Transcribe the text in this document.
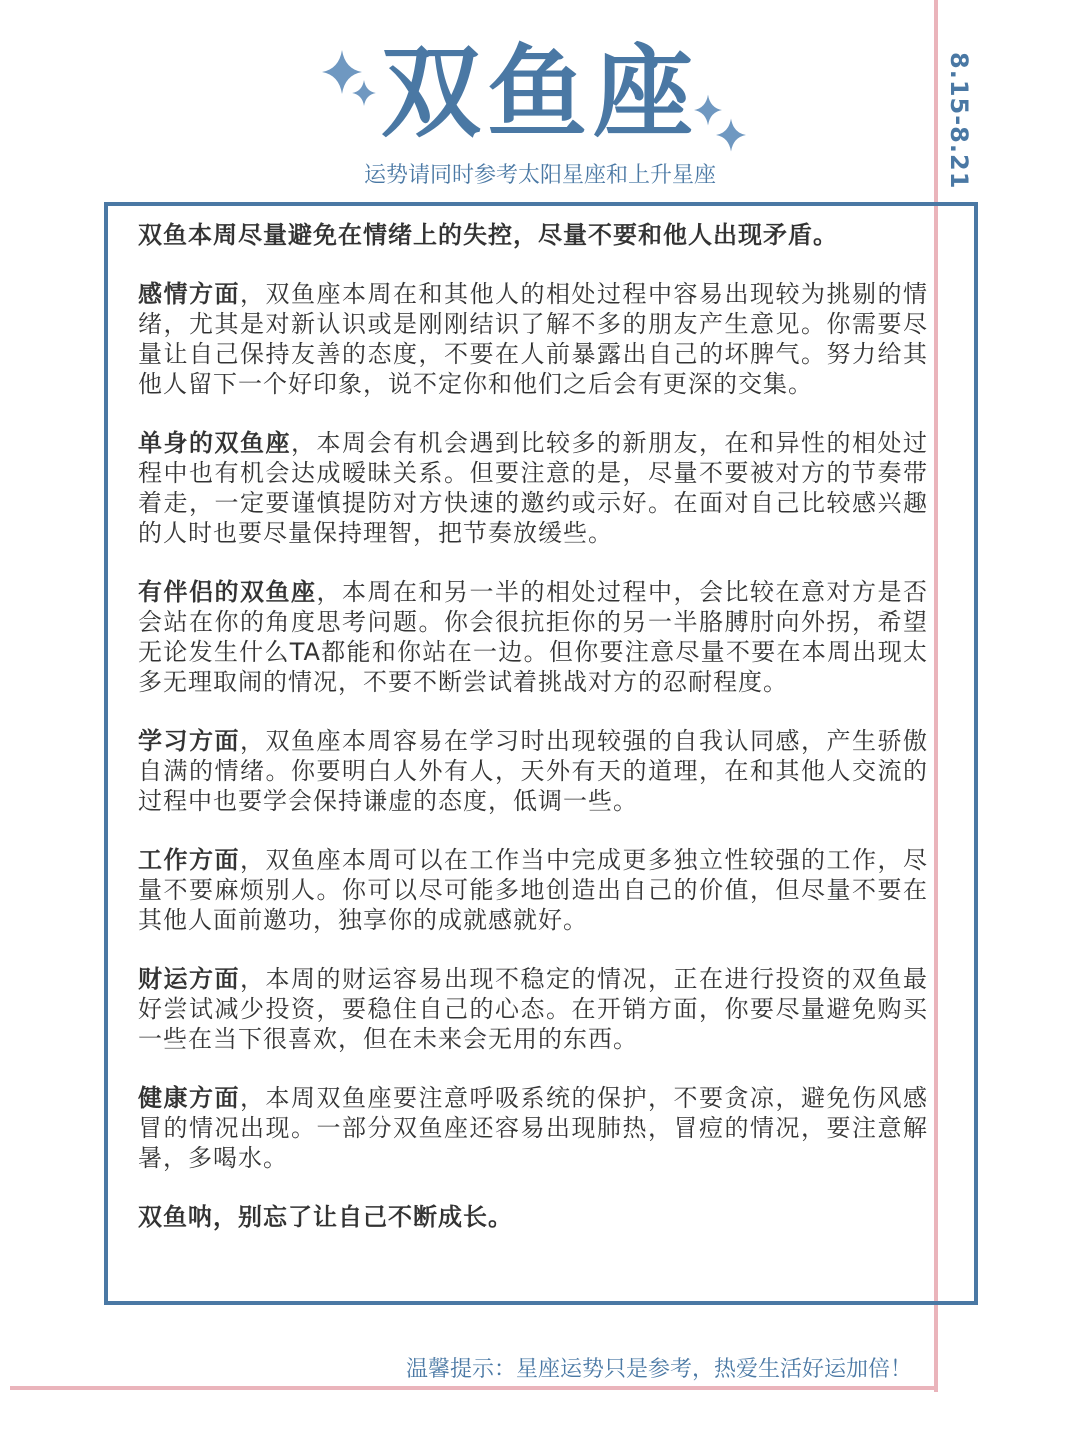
双鱼座
运势请同时参考太阳星座和上升星座	8.15-8.21

双鱼本周尽量避免在情绪上的失控，尽量不要和他人出现矛盾。

感情方面，双鱼座本周在和其他人的相处过程中容易出现较为挑剔的情绪，尤其是对新认识或是刚刚结识了解不多的朋友产生意见。你需要尽量让自己保持友善的态度，不要在人前暴露出自己的坏脾气。努力给其他人留下一个好印象，说不定你和他们之后会有更深的交集。

单身的双鱼座，本周会有机会遇到比较多的新朋友，在和异性的相处过程中也有机会达成暧昧关系。但要注意的是，尽量不要被对方的节奏带着走，一定要谨慎提防对方快速的邀约或示好。在面对自己比较感兴趣的人时也要尽量保持理智，把节奏放缓些。

有伴侣的双鱼座，本周在和另一半的相处过程中，会比较在意对方是否会站在你的角度思考问题。你会很抗拒你的另一半胳膊肘向外拐，希望无论发生什么TA都能和你站在一边。但你要注意尽量不要在本周出现太多无理取闹的情况，不要不断尝试着挑战对方的忍耐程度。

学习方面，双鱼座本周容易在学习时出现较强的自我认同感，产生骄傲自满的情绪。你要明白人外有人，天外有天的道理，在和其他人交流的过程中也要学会保持谦虚的态度，低调一些。

工作方面，双鱼座本周可以在工作当中完成更多独立性较强的工作，尽量不要麻烦别人。你可以尽可能多地创造出自己的价值，但尽量不要在其他人面前邀功，独享你的成就感就好。

财运方面，本周的财运容易出现不稳定的情况，正在进行投资的双鱼最好尝试减少投资，要稳住自己的心态。在开销方面，你要尽量避免购买一些在当下很喜欢，但在未来会无用的东西。

健康方面，本周双鱼座要注意呼吸系统的保护，不要贪凉，避免伤风感冒的情况出现。一部分双鱼座还容易出现肺热，冒痘的情况，要注意解暑，多喝水。

双鱼呐，别忘了让自己不断成长。

温馨提示：星座运势只是参考，热爱生活好运加倍！
